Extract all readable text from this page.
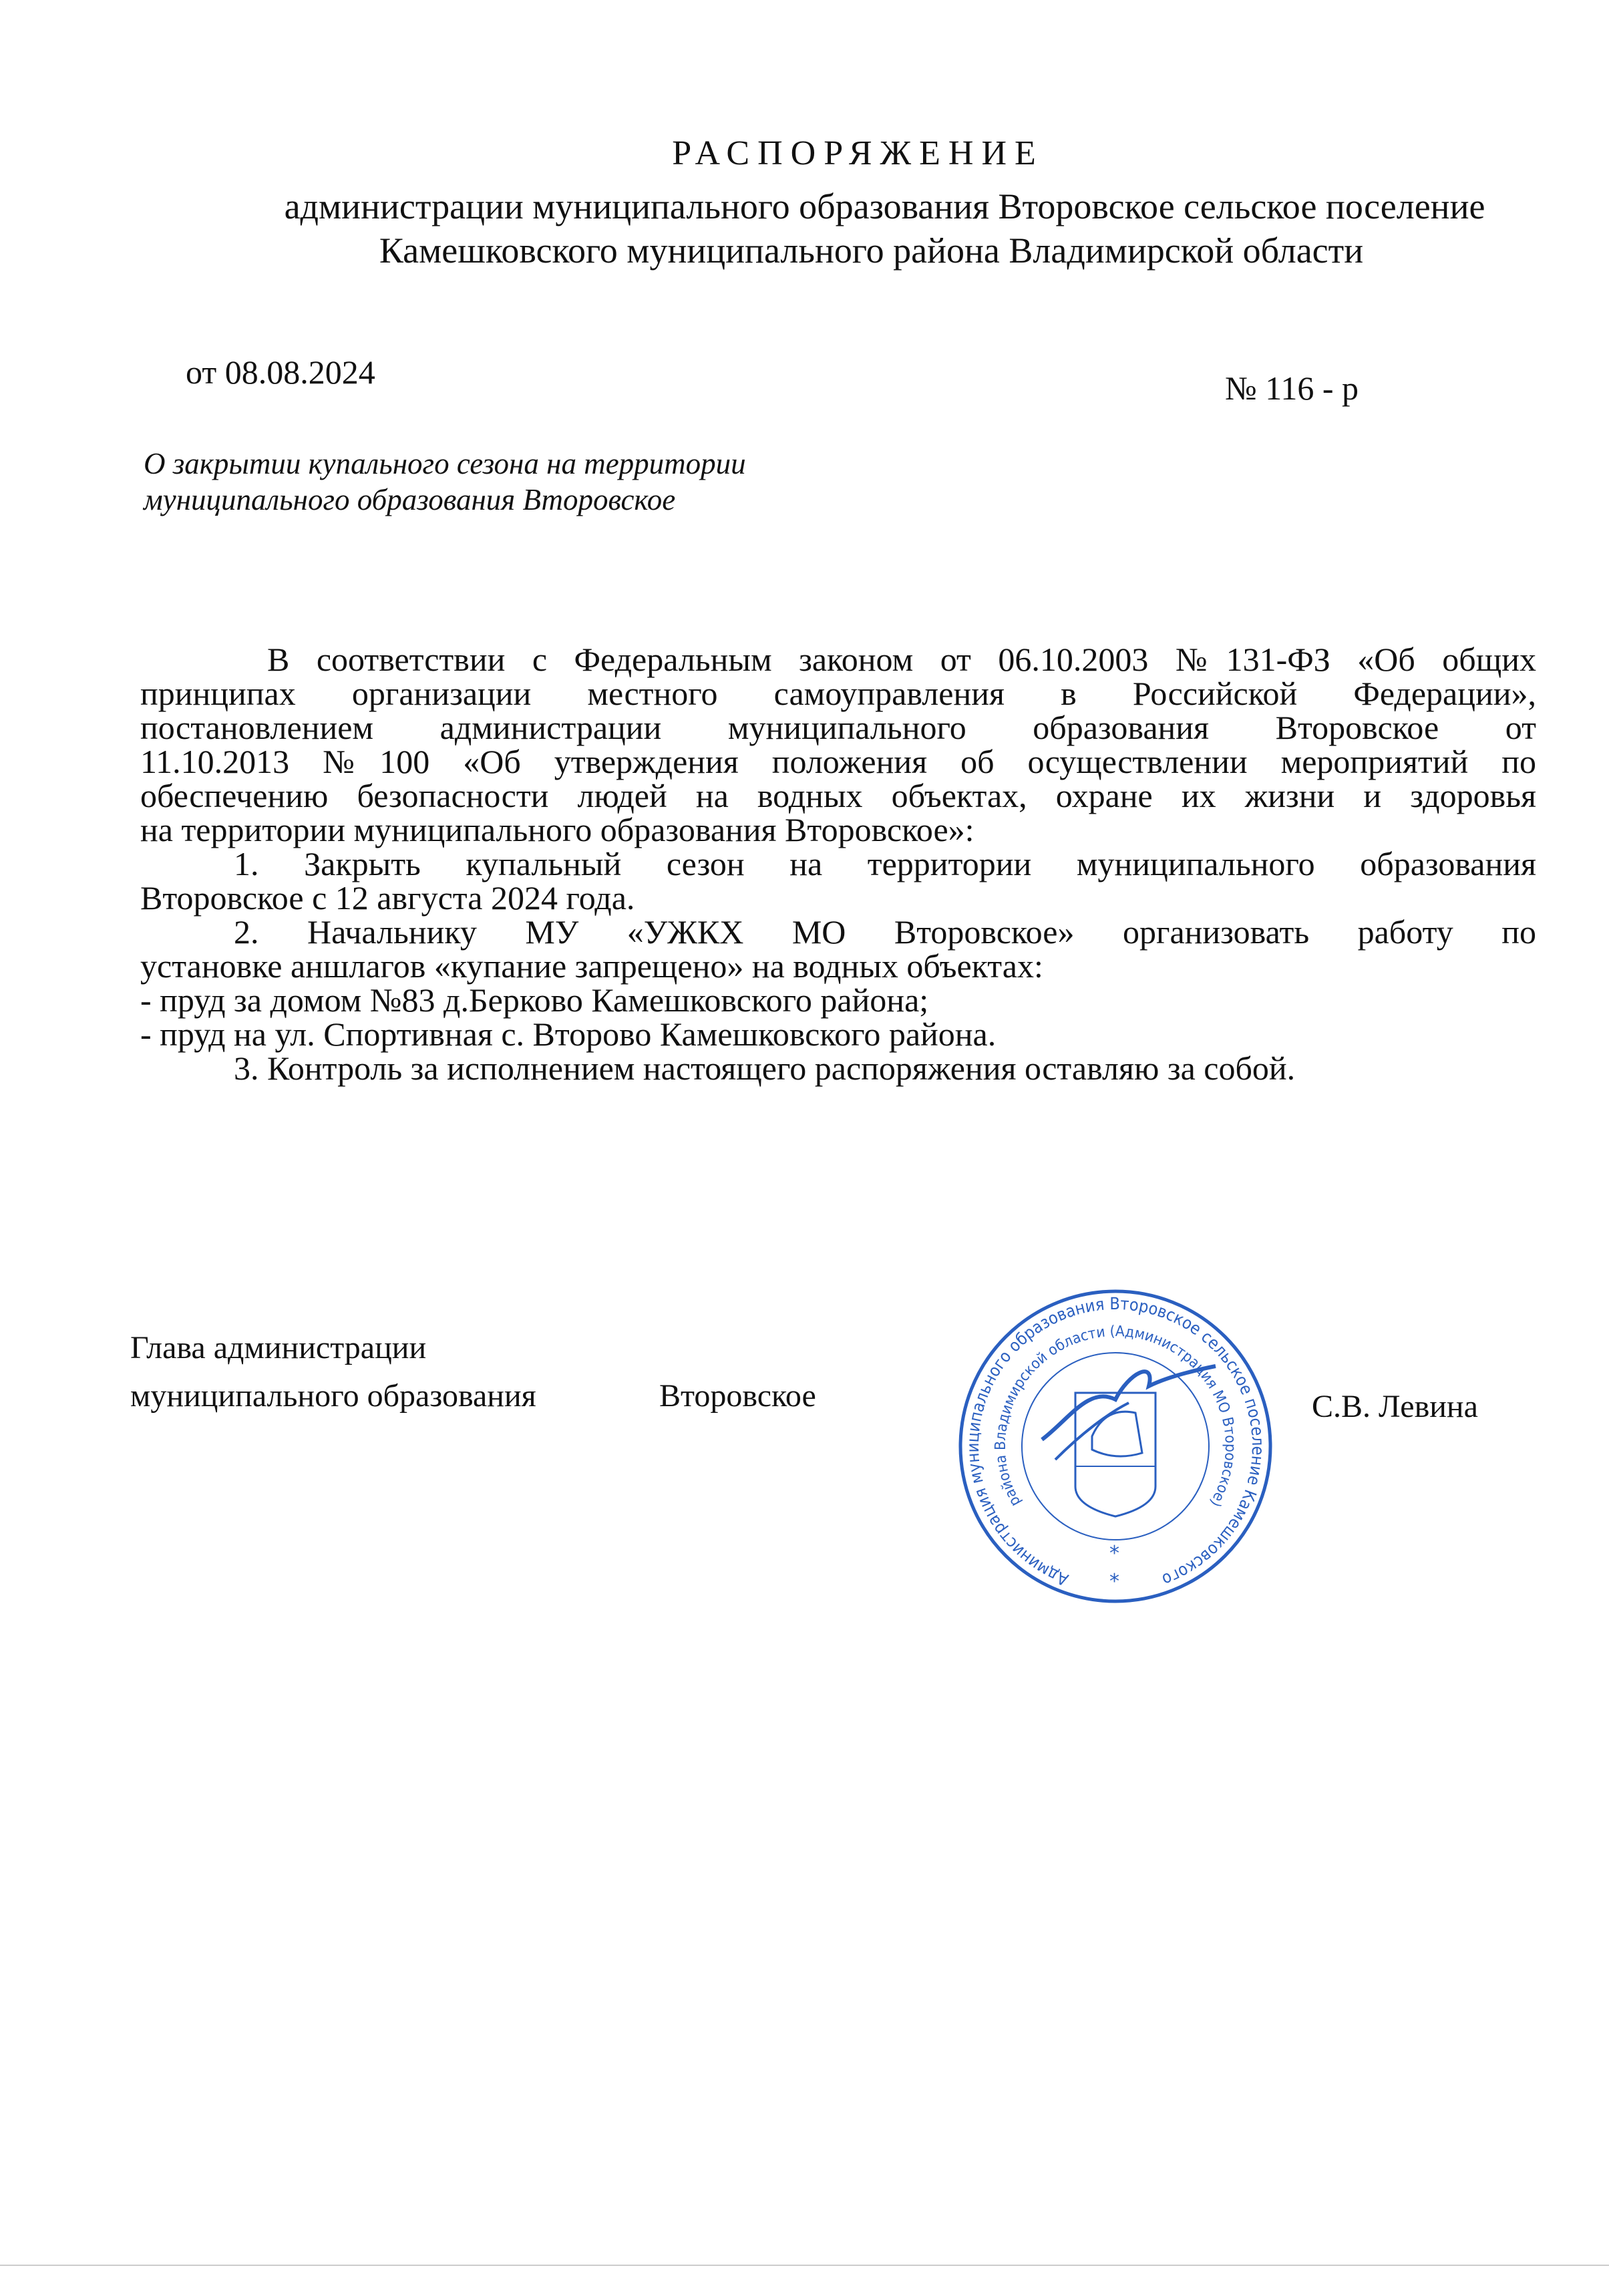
РАСПОРЯЖЕНИЕ
администрации муниципального образования Второвское сельское поселение
Камешковского муниципального района Владимирской области
от 08.08.2024	№ 116 - р
О закрытии купального сезона на территории
муниципального образования Второвское
В соответствии с Федеральным законом от 06.10.2003 №131-ФЗ «Об общих
принципах организации местного самоуправления в Российской Федерации»,
постановлением администрации муниципального образования Второвское от
11.10.2013 №100 «Об утверждения положения об осуществлении мероприятий по
обеспечению безопасности людей на водных объектах, охране их жизни и здоровья
на территории муниципального образования Второвское»:
1. Закрыть купальный сезон на территории муниципального образования
Второвское с 12 августа 2024 года.
2. Начальнику МУ «УЖКХ МО Второвское» организовать работу по
установке аншлагов «купание запрещено» на водных объектах:
- пруд за домом №83 д.Берково Камешковского района;
- пруд на ул. Спортивная с. Второво Камешковского района.
3. Контроль за исполнением настоящего распоряжения оставляю за собой.
Глава администрации
муниципального образования	Второвское	С.В. Левина
Администрация муниципального образования Второвское сельское поселение Камешковского
района Владимирской области (Администрация МО Второвское)
*
*
